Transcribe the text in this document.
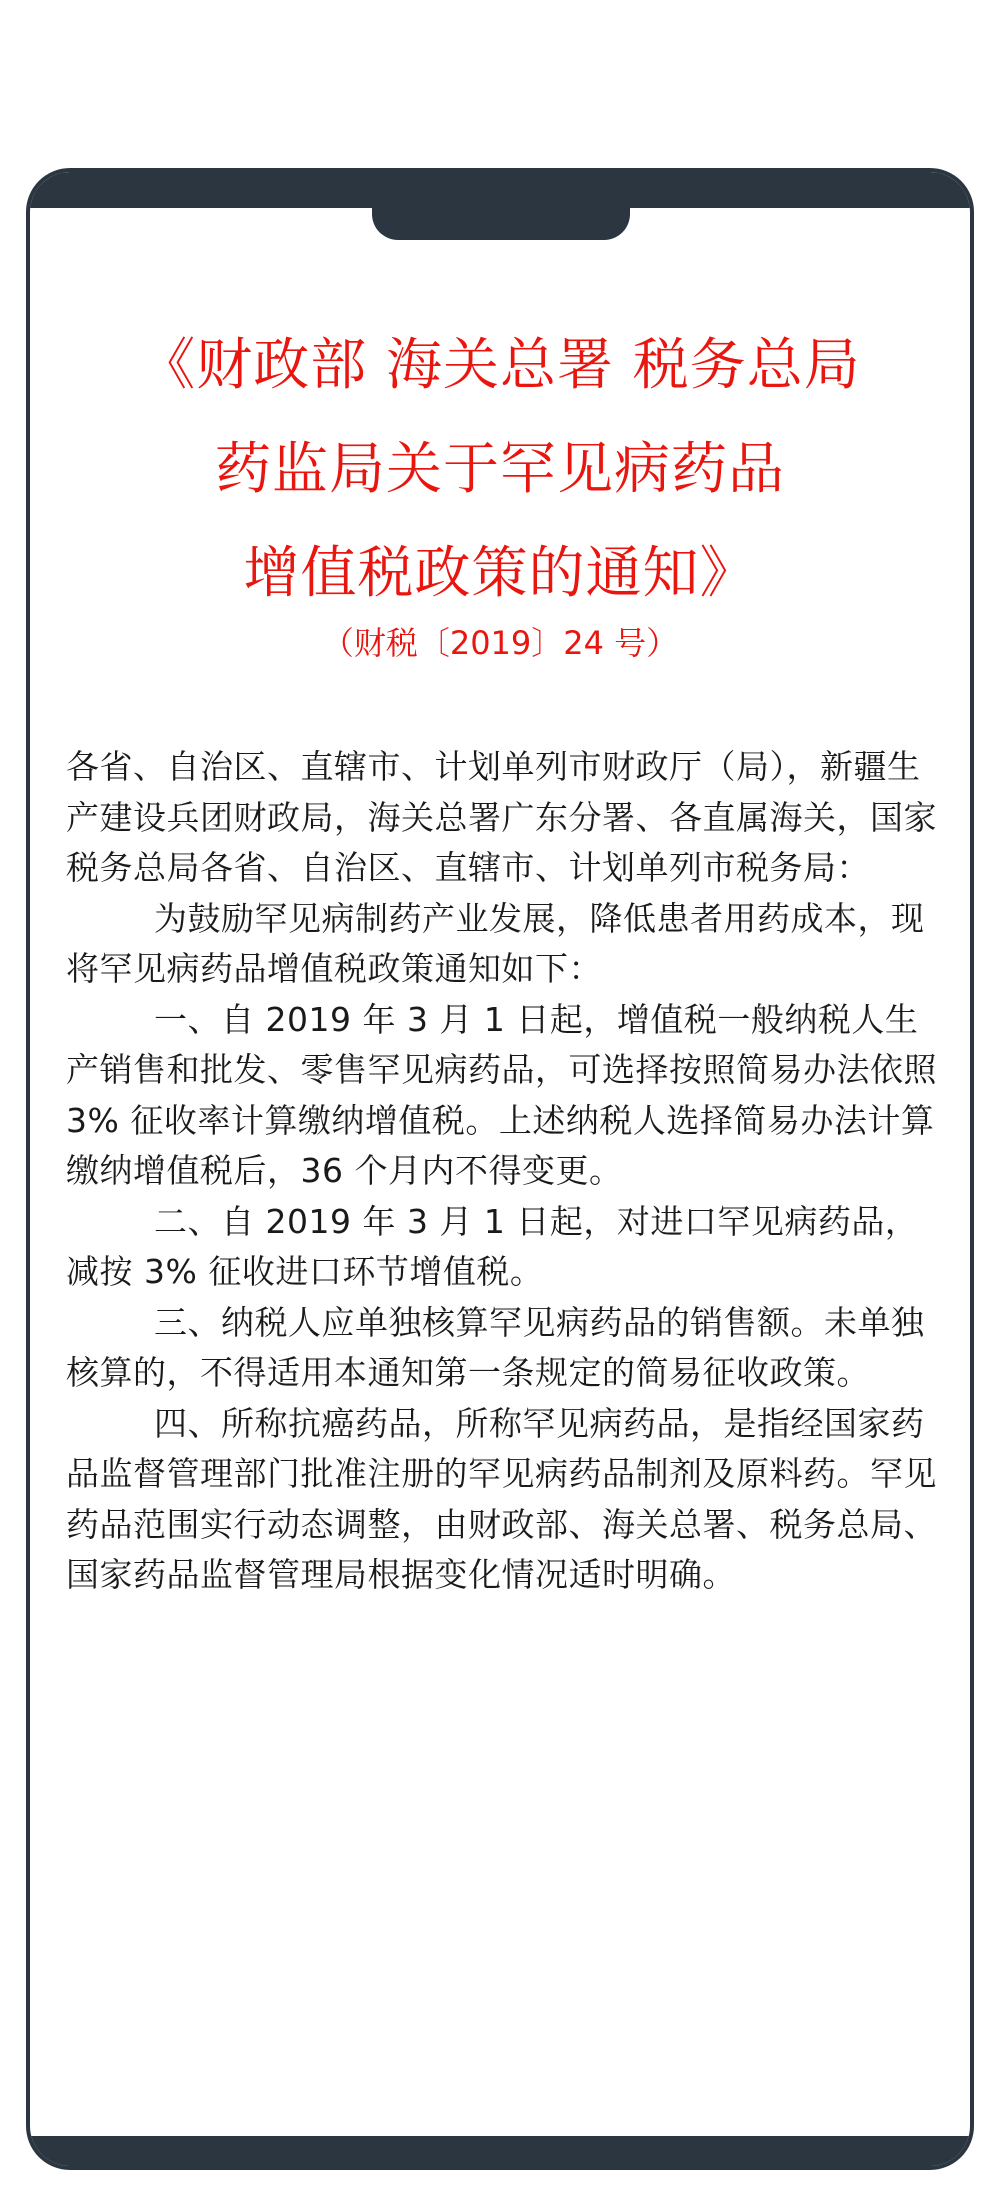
《财政部 海关总署 税务总局
药监局关于罕见病药品
增值税政策的通知》
（财税〔2019〕24 号）

各省、自治区、直辖市、计划单列市财政厅（局），新疆生产建设兵团财政局，海关总署广东分署、各直属海关，国家税务总局各省、自治区、直辖市、计划单列市税务局：

为鼓励罕见病制药产业发展，降低患者用药成本，现将罕见病药品增值税政策通知如下：

一、自 2019 年 3 月 1 日起，增值税一般纳税人生产销售和批发、零售罕见病药品，可选择按照简易办法依照 3% 征收率计算缴纳增值税。上述纳税人选择简易办法计算缴纳增值税后，36 个月内不得变更。

二、自 2019 年 3 月 1 日起，对进口罕见病药品，减按 3% 征收进口环节增值税。

三、纳税人应单独核算罕见病药品的销售额。未单独核算的，不得适用本通知第一条规定的简易征收政策。

四、所称抗癌药品，所称罕见病药品，是指经国家药品监督管理部门批准注册的罕见病药品制剂及原料药。罕见药品范围实行动态调整，由财政部、海关总署、税务总局、国家药品监督管理局根据变化情况适时明确。
